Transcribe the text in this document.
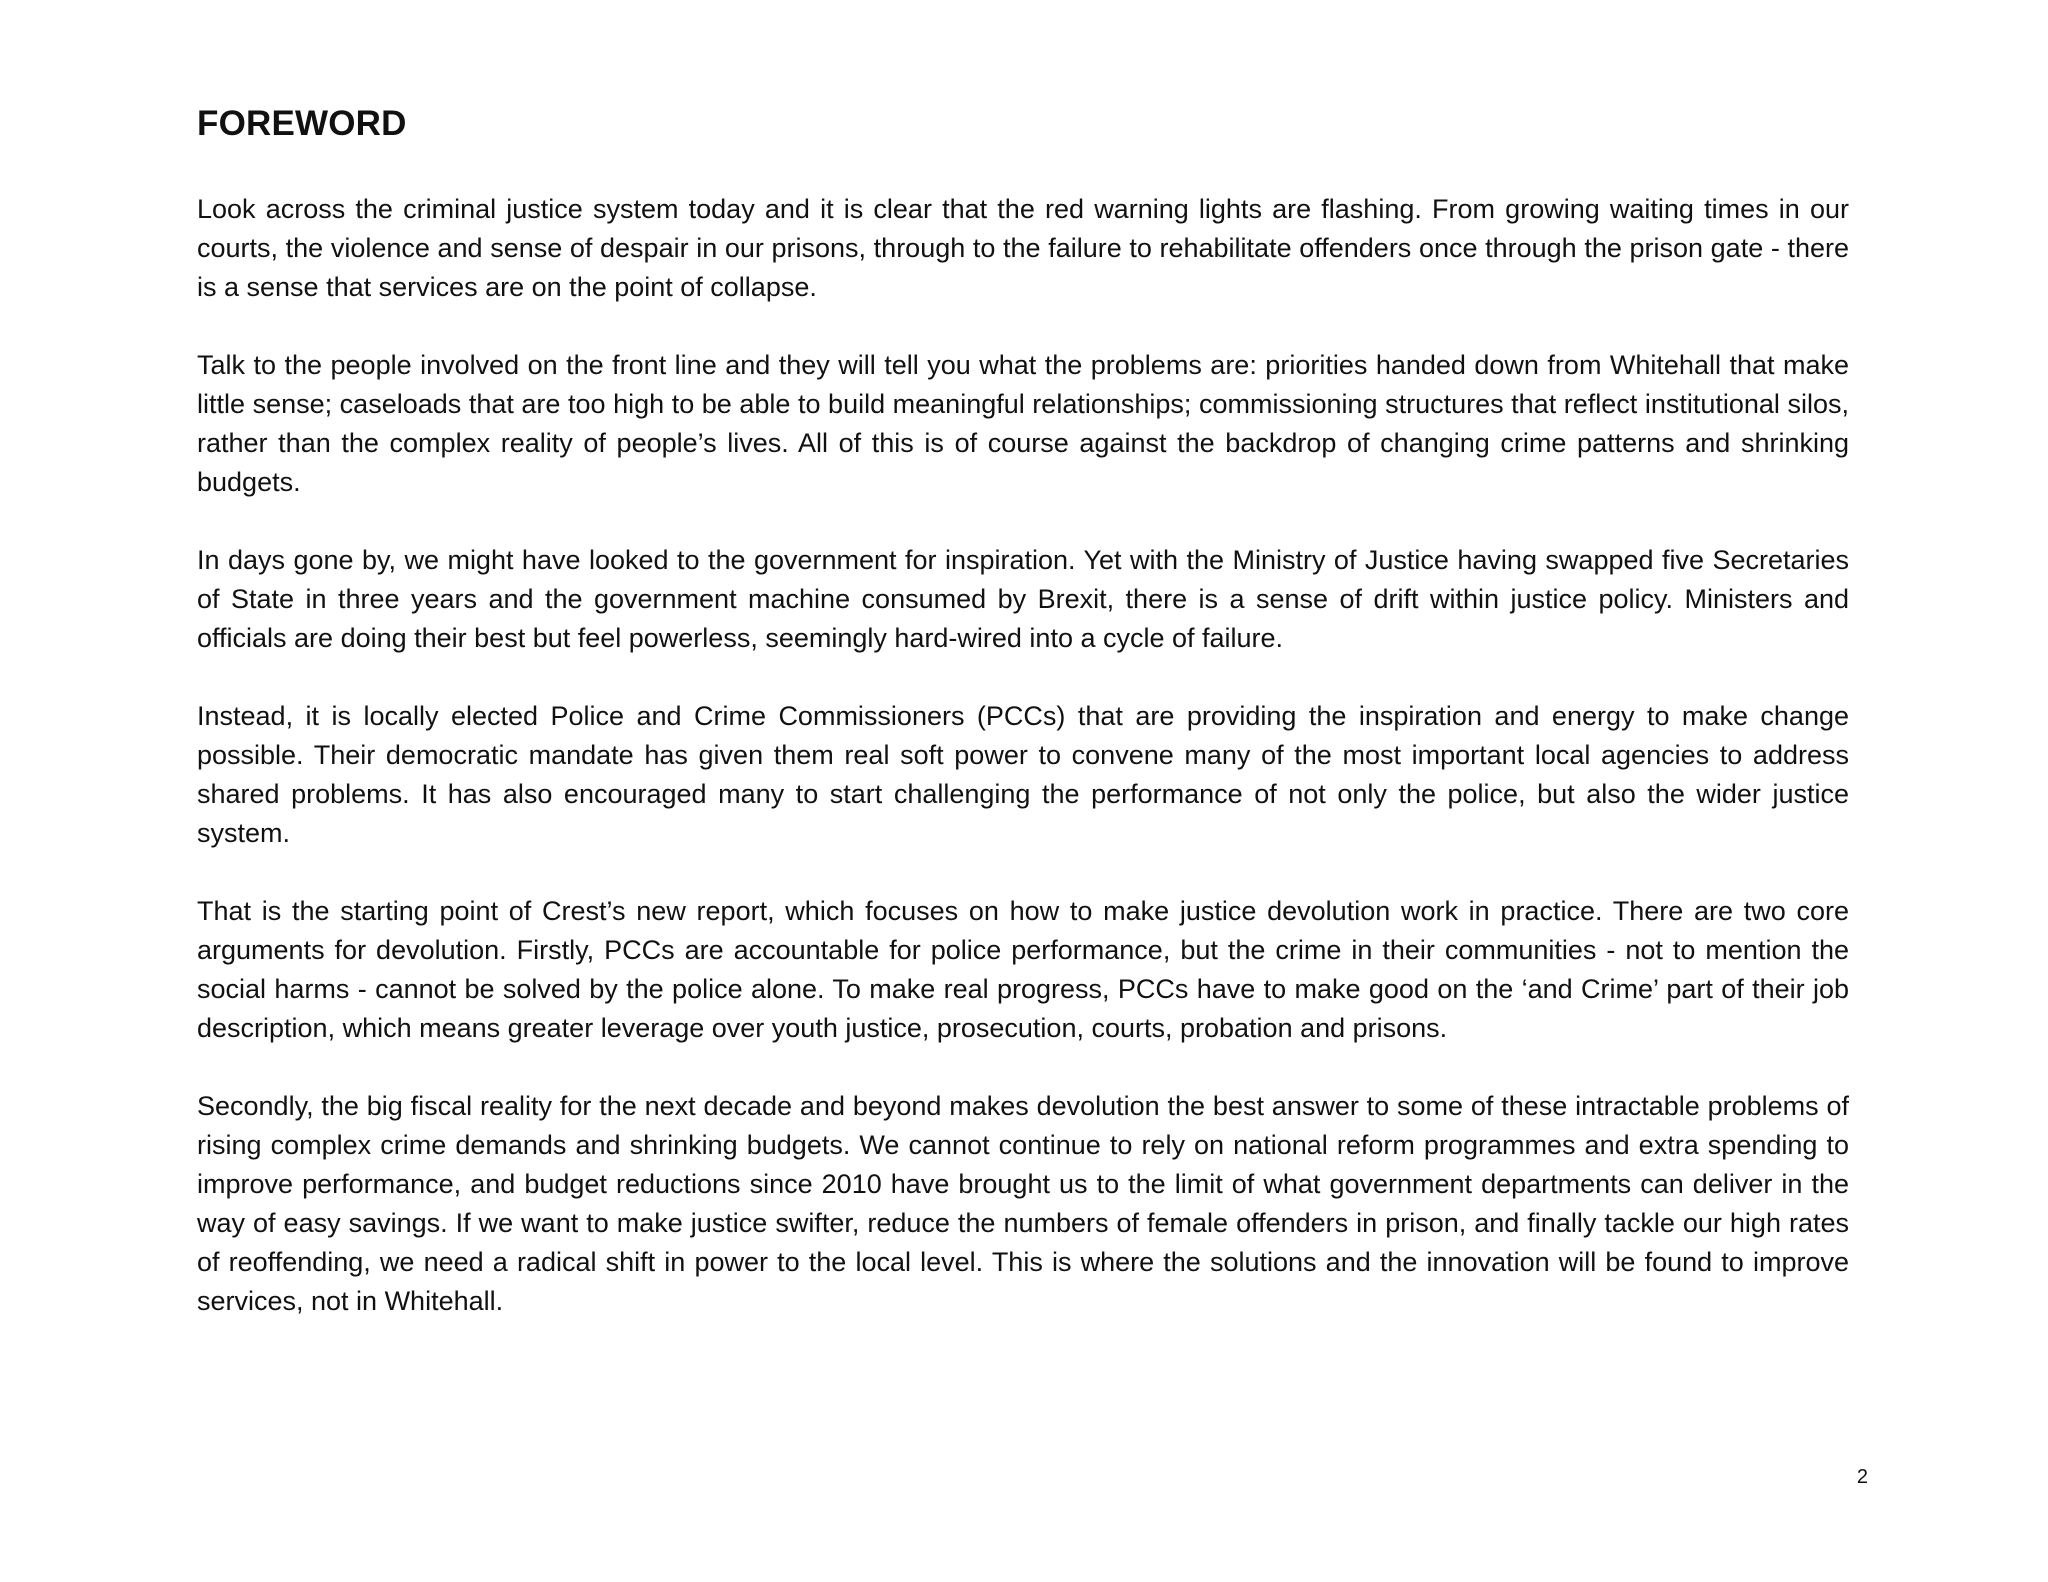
FOREWORD

Look across the criminal justice system today and it is clear that the red warning lights are flashing. From growing waiting times in our courts, the violence and sense of despair in our prisons, through to the failure to rehabilitate offenders once through the prison gate - there is a sense that services are on the point of collapse.

Talk to the people involved on the front line and they will tell you what the problems are: priorities handed down from Whitehall that make little sense; caseloads that are too high to be able to build meaningful relationships; commissioning structures that reflect institutional silos, rather than the complex reality of people’s lives. All of this is of course against the backdrop of changing crime patterns and shrinking budgets.

In days gone by, we might have looked to the government for inspiration. Yet with the Ministry of Justice having swapped five Secretaries of State in three years and the government machine consumed by Brexit, there is a sense of drift within justice policy. Ministers and officials are doing their best but feel powerless, seemingly hard-wired into a cycle of failure.

Instead, it is locally elected Police and Crime Commissioners (PCCs) that are providing the inspiration and energy to make change possible. Their democratic mandate has given them real soft power to convene many of the most important local agencies to address shared problems. It has also encouraged many to start challenging the performance of not only the police, but also the wider justice system.

That is the starting point of Crest’s new report, which focuses on how to make justice devolution work in practice. There are two core arguments for devolution. Firstly, PCCs are accountable for police performance, but the crime in their communities - not to mention the social harms - cannot be solved by the police alone. To make real progress, PCCs have to make good on the ‘and Crime’ part of their job description, which means greater leverage over youth justice, prosecution, courts, probation and prisons.

Secondly, the big fiscal reality for the next decade and beyond makes devolution the best answer to some of these intractable problems of rising complex crime demands and shrinking budgets. We cannot continue to rely on national reform programmes and extra spending to improve performance, and budget reductions since 2010 have brought us to the limit of what government departments can deliver in the way of easy savings. If we want to make justice swifter, reduce the numbers of female offenders in prison, and finally tackle our high rates of reoffending, we need a radical shift in power to the local level. This is where the solutions and the innovation will be found to improve services, not in Whitehall.

2
